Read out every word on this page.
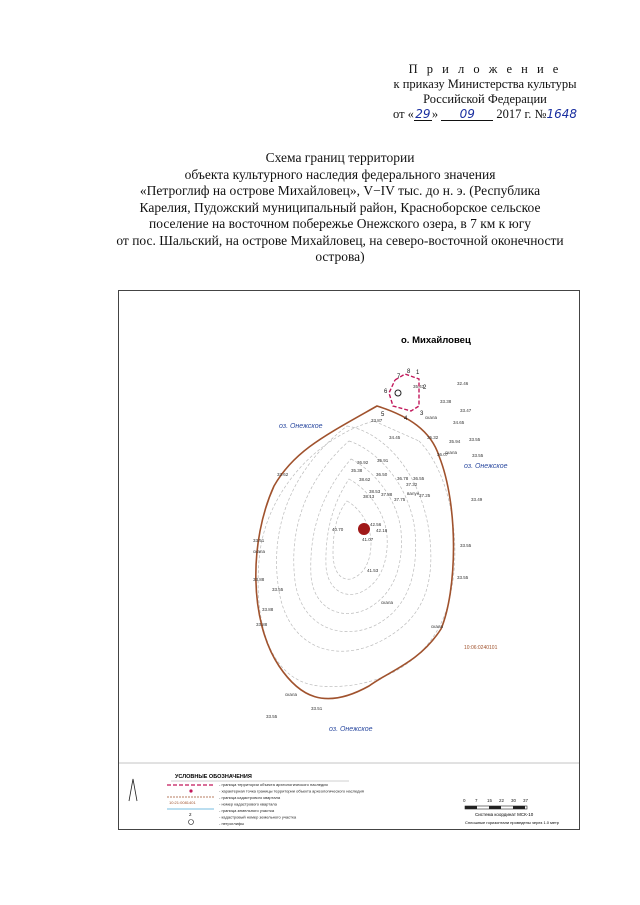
П р и л о ж е н и е
к приказу Министерства культуры
Российской Федерации
от «29» 09 2017 г. №1648
Схема границ территории
объекта культурного наследия федерального значения
«Петроглиф на острове Михайловец», V−IV тыс. до н. э. (Республика
Карелия, Пудожский муниципальный район, Красноборское сельское
поселение на восточном побережье Онежского озера, в 7 км к югу
от пос. Шальский, на острове Михайловец, на северо-восточной оконечности
острова)
о. Михайловец
оз. Онежское
оз. Онежское
оз. Онежское
10:06:0240101
1
2
3
4
5
6
7
8
32.46
33.38
33.47
34.65
33.87
34.45	35.32
35.94 33.55
33.55
36.92 35.91
36.07
35.38
36.50
36.78 36.55
38.62
37.32
38.53
37.25
38.13 37.88
37.75	33.49
33.62
40.70
42.56
42.18
41.07
33.51
33.55
41.53
33.88
33.55
33.88
33.55
33.51
33.88
35.43
33.55
скала
скала
скала
скала
скала
скала
валун
УСЛОВНЫЕ ОБОЗНАЧЕНИЯ
10:21:0081401
2
- граница территории объекта археологического наследия
- характерная точка границы территории объекта археологического наследия
- граница кадастрового квартала
- номер кадастрового квартала
- граница земельного участка
- кадастровый номер земельного участка
- петроглифы
0 7 15 22 30 37
Система координат МСК-10
Сплошные горизонтали проведены через 1.0 метр
